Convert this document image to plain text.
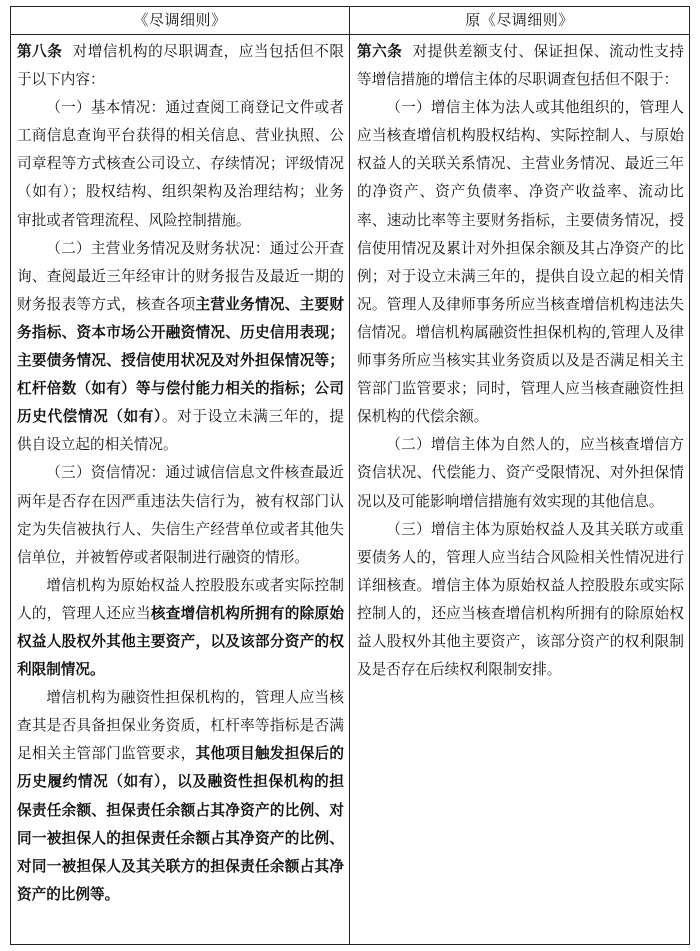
《尽调细则》	原《尽调细则》

第八条 对增信机构的尽职调查，应当包括但不限于以下内容：

（一）基本情况：通过查阅工商登记文件或者工商信息查询平台获得的相关信息、营业执照、公司章程等方式核查公司设立、存续情况；评级情况（如有）；股权结构、组织架构及治理结构；业务审批或者管理流程、风险控制措施。

（二）主营业务情况及财务状况：通过公开查询、查阅最近三年经审计的财务报告及最近一期的财务报表等方式，核查各项主营业务情况、主要财务指标、资本市场公开融资情况、历史信用表现；主要债务情况、授信使用状况及对外担保情况等；杠杆倍数（如有）等与偿付能力相关的指标；公司历史代偿情况（如有）。对于设立未满三年的，提供自设立起的相关情况。

（三）资信情况：通过诚信信息文件核查最近两年是否存在因严重违法失信行为，被有权部门认定为失信被执行人、失信生产经营单位或者其他失信单位，并被暂停或者限制进行融资的情形。

增信机构为原始权益人控股股东或者实际控制人的，管理人还应当核查增信机构所拥有的除原始权益人股权外其他主要资产，以及该部分资产的权利限制情况。

增信机构为融资性担保机构的，管理人应当核查其是否具备担保业务资质，杠杆率等指标是否满足相关主管部门监管要求，其他项目触发担保后的历史履约情况（如有），以及融资性担保机构的担保责任余额、担保责任余额占其净资产的比例、对同一被担保人的担保责任余额占其净资产的比例、对同一被担保人及其关联方的担保责任余额占其净资产的比例等。

第六条 对提供差额支付、保证担保、流动性支持等增信措施的增信主体的尽职调查包括但不限于：

（一）增信主体为法人或其他组织的，管理人应当核查增信机构股权结构、实际控制人、与原始权益人的关联关系情况、主营业务情况、最近三年的净资产、资产负债率、净资产收益率、流动比率、速动比率等主要财务指标，主要债务情况，授信使用情况及累计对外担保余额及其占净资产的比例；对于设立未满三年的，提供自设立起的相关情况。管理人及律师事务所应当核查增信机构违法失信情况。增信机构属融资性担保机构的,管理人及律师事务所应当核实其业务资质以及是否满足相关主管部门监管要求；同时，管理人应当核查融资性担保机构的代偿余额。

（二）增信主体为自然人的，应当核查增信方资信状况、代偿能力、资产受限情况、对外担保情况以及可能影响增信措施有效实现的其他信息。

（三）增信主体为原始权益人及其关联方或重要债务人的，管理人应当结合风险相关性情况进行详细核查。增信主体为原始权益人控股股东或实际控制人的，还应当核查增信机构所拥有的除原始权益人股权外其他主要资产，该部分资产的权利限制及是否存在后续权利限制安排。
